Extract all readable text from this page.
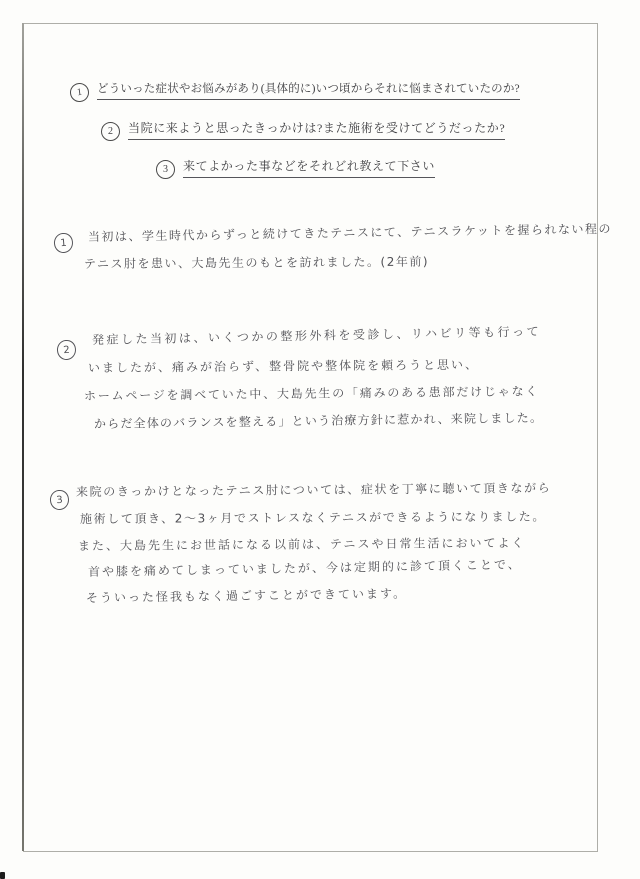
1	どういった症状やお悩みがあり(具体的に)いつ頃からそれに悩まされていたのか?
2	当院に来ようと思ったきっかけは?また施術を受けてどうだったか?
3	来てよかった事などをそれどれ教えて下さい
1	当初は、学生時代からずっと続けてきたテニスにて、テニスラケットを握られない程の
テニス肘を患い、大島先生のもとを訪れました。(2年前)
2
発症した当初は、いくつかの整形外科を受診し、リハビリ等も行って
いましたが、痛みが治らず、整骨院や整体院を頼ろうと思い、
ホームページを調べていた中、大島先生の「痛みのある患部だけじゃなく
からだ全体のバランスを整える」という治療方針に惹かれ、来院しました。
3
来院のきっかけとなったテニス肘については、症状を丁寧に聴いて頂きながら
施術して頂き、2〜3ヶ月でストレスなくテニスができるようになりました。
また、大島先生にお世話になる以前は、テニスや日常生活においてよく
首や膝を痛めてしまっていましたが、今は定期的に診て頂くことで、
そういった怪我もなく過ごすことができています。
